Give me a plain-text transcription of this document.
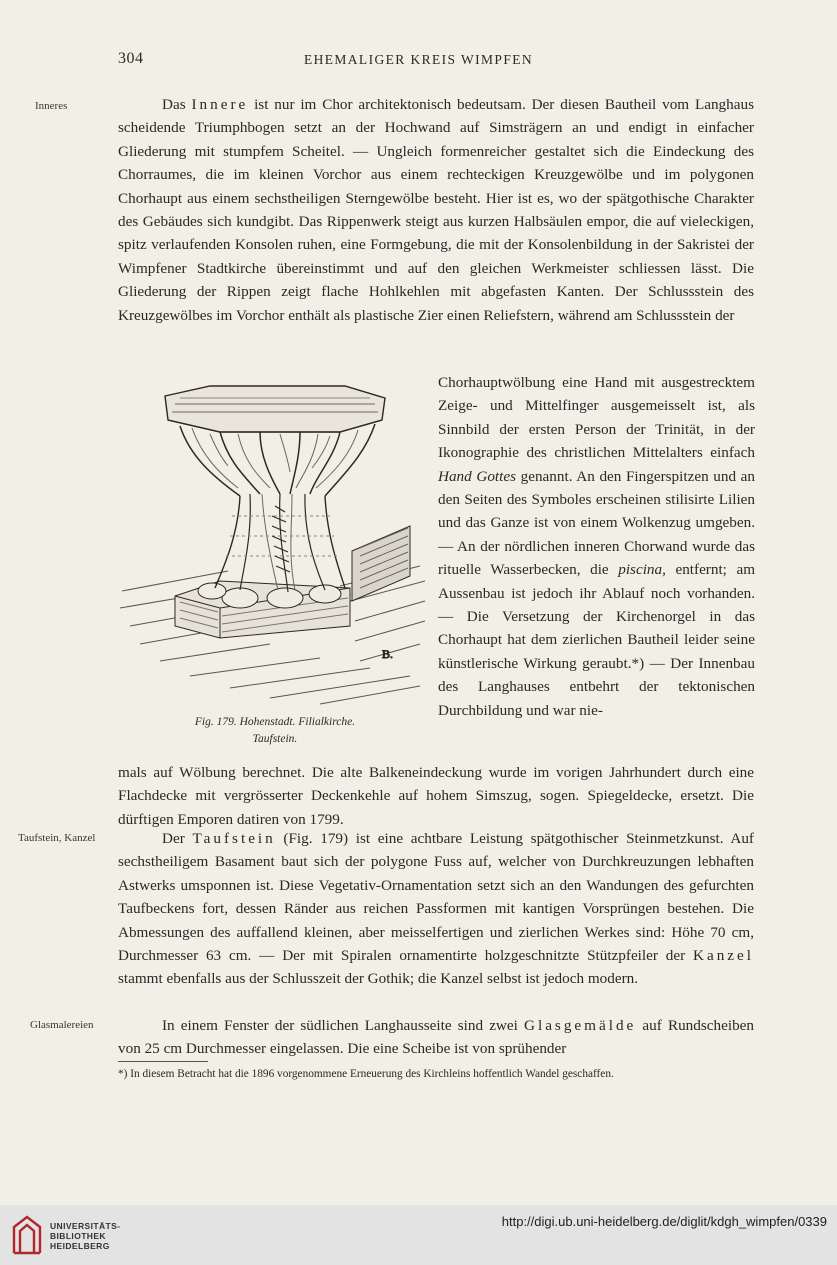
304	EHEMALIGER KREIS WIMPFEN
Inneres
Taufstein, Kanzel
Glasmalereien

Das Innere ist nur im Chor architektonisch bedeutsam. Der diesen Bautheil vom Langhaus scheidende Triumphbogen setzt an der Hochwand auf Simsträgern an und endigt in einfacher Gliederung mit stumpfem Scheitel. — Ungleich formenreicher gestaltet sich die Eindeckung des Chorraumes, die im kleinen Vorchor aus einem rechteckigen Kreuzgewölbe und im polygonen Chorhaupt aus einem sechstheiligen Sterngewölbe besteht. Hier ist es, wo der spätgothische Charakter des Gebäudes sich kundgibt. Das Rippenwerk steigt aus kurzen Halbsäulen empor, die auf vieleckigen, spitz verlaufenden Konsolen ruhen, eine Formgebung, die mit der Konsolenbildung in der Sakristei der Wimpfener Stadtkirche übereinstimmt und auf den gleichen Werkmeister schliessen lässt. Die Gliederung der Rippen zeigt flache Hohlkehlen mit abgefasten Kanten. Der Schlussstein des Kreuzgewölbes im Vorchor enthält als plastische Zier einen Reliefstern, während am Schlussstein der

B.
Fig. 179. Hohenstadt. Filialkirche.
Taufstein.
Chorhauptwölbung eine Hand mit ausgestrecktem Zeige- und Mittelfinger ausgemeisselt ist, als Sinnbild der ersten Person der Trinität, in der Ikonographie des christlichen Mittelalters einfach Hand Gottes genannt. An den Fingerspitzen und an den Seiten des Symboles erscheinen stilisirte Lilien und das Ganze ist von einem Wolkenzug umgeben. — An der nördlichen inneren Chorwand wurde das rituelle Wasserbecken, die piscina, entfernt; am Aussenbau ist jedoch ihr Ablauf noch vorhanden. — Die Versetzung der Kirchenorgel in das Chorhaupt hat dem zierlichen Bautheil leider seine künstlerische Wirkung geraubt.*) — Der Innenbau des Langhauses entbehrt der tektonischen Durchbildung und war nie-
mals auf Wölbung berechnet. Die alte Balkeneindeckung wurde im vorigen Jahrhundert durch eine Flachdecke mit vergrösserter Deckenkehle auf hohem Simszug, sogen. Spiegeldecke, ersetzt. Die dürftigen Emporen datiren von 1799.

Der Taufstein (Fig. 179) ist eine achtbare Leistung spätgothischer Steinmetzkunst. Auf sechstheiligem Basament baut sich der polygone Fuss auf, welcher von Durchkreuzungen lebhaften Astwerks umsponnen ist. Diese Vegetativ-Ornamentation setzt sich an den Wandungen des gefurchten Taufbeckens fort, dessen Ränder aus reichen Passformen mit kantigen Vorsprüngen bestehen. Die Abmessungen des auffallend kleinen, aber meisselfertigen und zierlichen Werkes sind: Höhe 70 cm, Durchmesser 63 cm. — Der mit Spiralen ornamentirte holzgeschnitzte Stützpfeiler der Kanzel stammt ebenfalls aus der Schlusszeit der Gothik; die Kanzel selbst ist jedoch modern.

In einem Fenster der südlichen Langhausseite sind zwei Glasgemälde auf Rundscheiben von 25 cm Durchmesser eingelassen. Die eine Scheibe ist von sprühender

*) In diesem Betracht hat die 1896 vorgenommene Erneuerung des Kirchleins hoffentlich Wandel geschaffen.
UNIVERSITÄTS-
BIBLIOTHEK
HEIDELBERG
http://digi.ub.uni-heidelberg.de/diglit/kdgh_wimpfen/0339
